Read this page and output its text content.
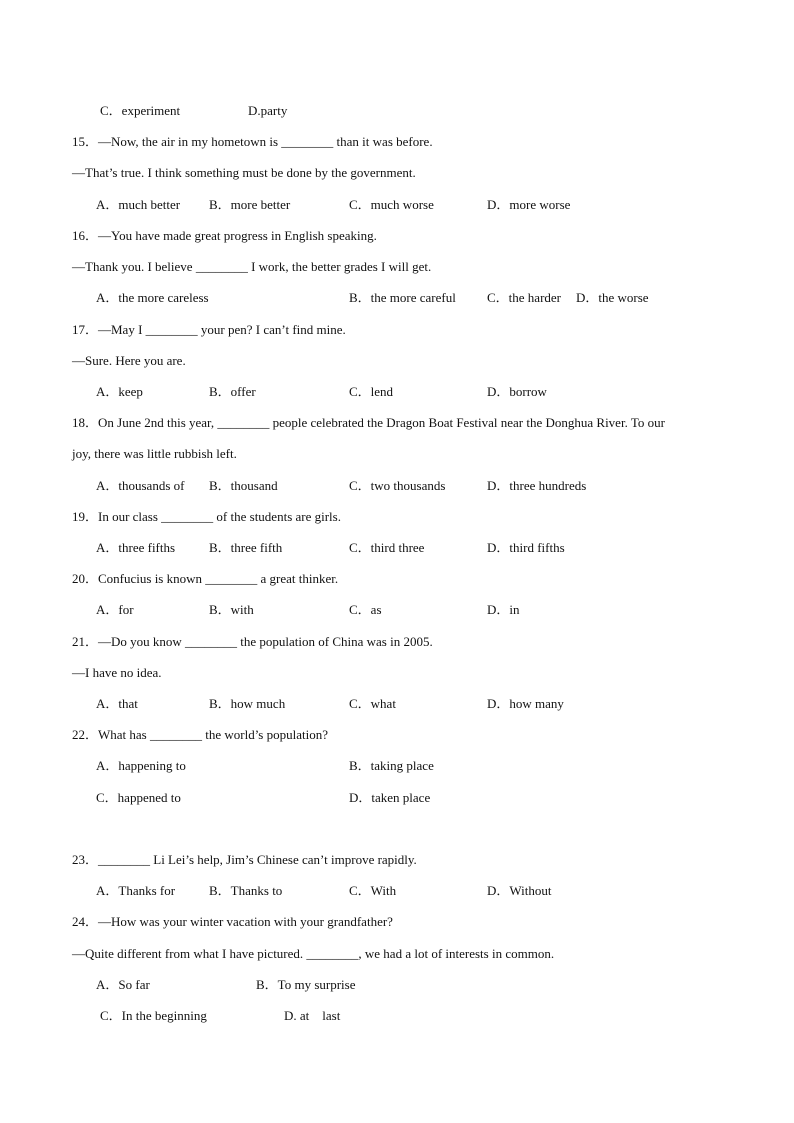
C．experiment	D.party
15．—Now, the air in my hometown is ________ than it was before.
—That’s true. I think something must be done by the government.
A．much better B．more better	C．much worse	D．more worse
16．—You have made great progress in English speaking.
—Thank you. I believe ________ I work, the better grades I will get.
A．the more careless	B．the more careful C．the harder D．the worse
17．—May I ________ your pen? I can’t find mine.
—Sure. Here you are.
A．keep	B．offer	C．lend	D．borrow
18．On June 2nd this year, ________ people celebrated the Dragon Boat Festival near the Donghua River. To our
joy, there was little rubbish left.
A．thousands of B．thousand	C．two thousands	D．three hundreds
19．In our class ________ of the students are girls.
A．three fifths	B．three fifth	C．third three	D．third fifths
20．Confucius is known ________ a great thinker.
A．for	B．with	C．as	D．in
21．—Do you know ________ the population of China was in 2005.
—I have no idea.
A．that	B．how much	C．what	D．how many
22．What has ________ the world’s population?
A．happening to	B．taking place
C．happened to	D．taken place
23．________ Li Lei’s help, Jim’s Chinese can’t improve rapidly.
A．Thanks for	B．Thanks to	C．With	D．Without
24．—How was your winter vacation with your grandfather?
—Quite different from what I have pictured. ________, we had a lot of interests in common.
A．So far	B．To my surprise
C．In the beginning	D. at　last
